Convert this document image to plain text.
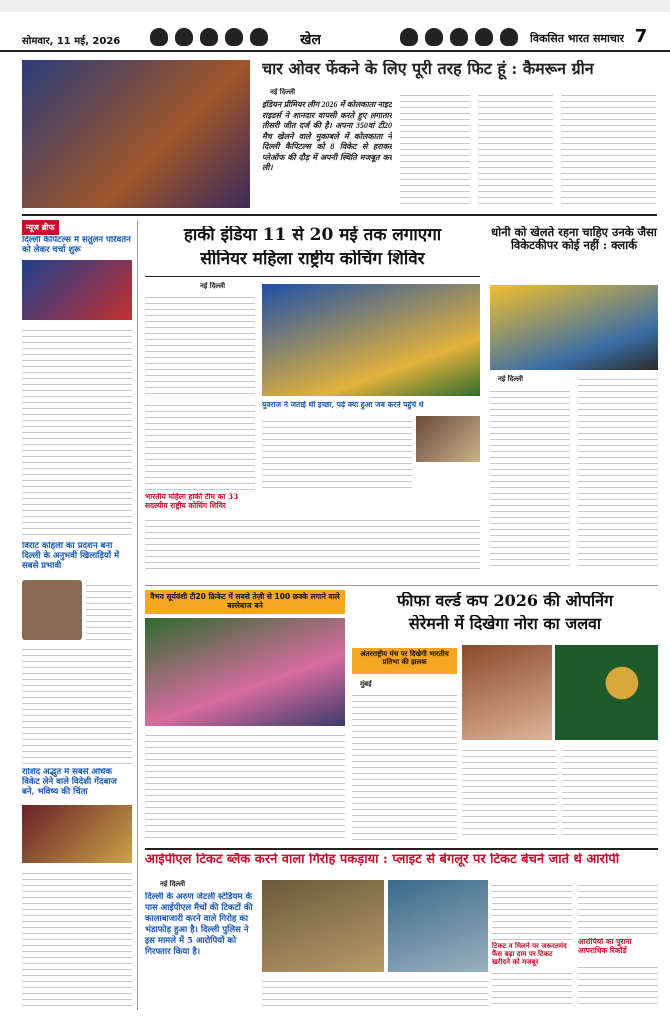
सोमवार, 11 मई, 2026	खेल	विकसित भारत समाचार 7
चार ओवर फेंकने के लिए पूरी तरह फिट हूं : कैमरून ग्रीन
नई दिल्ली
इंडियन प्रीमियर लीग 2026 में कोलकाता नाइट राइडर्स ने शानदार वापसी करते हुए लगातार तीसरी जीत दर्ज की है। अपना 350वां टी20 मैच खेलने वाले मुकाबले में कोलकाता ने दिल्ली कैपिटल्स को 8 विकेट से हराकर प्लेऑफ की दौड़ में अपनी स्थिति मजबूत कर ली।
न्यूज ब्रीफ
दिल्ली कैपिटल्स में संतुलन परिवर्तन को लेकर चर्चा शुरू
विराट कोहली का प्रदर्शन बना दिल्ली के अनुभवी खिलाड़ियों में सबसे प्रभावी
राशिद अद्भुत में सबसे अधिक विकेट लेने वाले विदेशी गेंदबाज बने, भविष्य की चिंता
हाकी इंडिया 11 से 20 मई तक लगाएगा
सीनियर महिला राष्ट्रीय कोचिंग शिविर
नई दिल्ली
युवराज ने जताई थी इच्छा, पढ़ें क्या हुआ जब करने पहुंचे थे
भारतीय महिला हाकी टीम का 33 सदस्यीय राष्ट्रीय कोचिंग शिविर
धोनी को खेलते रहना चाहिए उनके जैसा विकेटकीपर कोई नहीं : क्लार्क
नई दिल्ली
वैभव सूर्यवंशी टी20 क्रिकेट में सबसे तेज़ी से 100 छक्के लगाने वाले बल्लेबाज बने	फीफा वर्ल्ड कप 2026 की ओपनिंग
सेरेमनी में दिखेगा नोरा का जलवा
अंतरराष्ट्रीय मंच पर दिखेगी भारतीय प्रतिभा की झलक
मुंबई
आईपीएल टिकट ब्लैक करने वाला गिरोह पकड़ाया : प्लाइट से बेंगलूर पर टिकट बेचने जाते थे आरोपी
नई दिल्ली
दिल्ली के अरुण जेटली स्टेडियम के पास आईपीएल मैचों की टिकटों की कालाबाजारी करने वाले गिरोह का भंडाफोड़ हुआ है। दिल्ली पुलिस ने इस मामले में 5 आरोपियों को गिरफ्तार किया है।
टिकट न मिलने पर जरूरतमंद फैंस बढ़ा दाम पर टिकट खरीदने को मजबूर
आरोपियों का पुराना आपराधिक रिकॉर्ड
